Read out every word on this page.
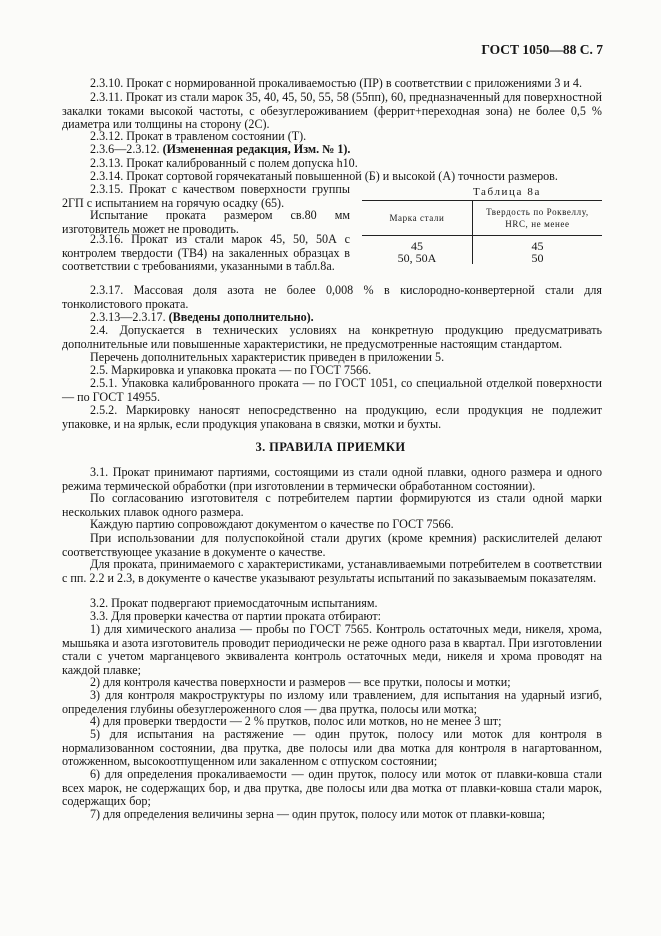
ГОСТ 1050—88 С. 7

2.3.10. Прокат с нормированной прокаливаемостью (ПР) в соответствии с приложениями 3 и 4.

2.3.11. Прокат из стали марок 35, 40, 45, 50, 55, 58 (55пп), 60, предназначенный для поверхностной закалки токами высокой частоты, с обезуглероживанием (феррит+переходная зона) не более 0,5 % диаметра или толщины на сторону (2С).

2.3.12. Прокат в травленом состоянии (Т).

2.3.6—2.3.12. (Измененная редакция, Изм. № 1).

2.3.13. Прокат калиброванный с полем допуска h10.

2.3.14. Прокат сортовой горячекатаный повышенной (Б) и высокой (А) точности размеров.

2.3.15. Прокат с качеством поверхности группы 2ГП с испытанием на горячую осадку (65).

Испытание проката размером св.80 мм изготовитель может не проводить.

2.3.16. Прокат из стали марок 45, 50, 50А с контролем твердости (ТВ4) на закаленных образцах в соответствии с требованиями, указанными в табл.8а.

Таблица 8а
Марка стали	Твердость по Роквеллу, HRC, не менее
45	45
50, 50А	50

2.3.17. Массовая доля азота не более 0,008 % в кислородно-конвертерной стали для тонколистового проката.

2.3.13—2.3.17. (Введены дополнительно).

2.4. Допускается в технических условиях на конкретную продукцию предусматривать дополнительные или повышенные характеристики, не предусмотренные настоящим стандартом.

Перечень дополнительных характеристик приведен в приложении 5.

2.5. Маркировка и упаковка проката — по ГОСТ 7566.

2.5.1. Упаковка калиброванного проката — по ГОСТ 1051, со специальной отделкой поверхности — по ГОСТ 14955.

2.5.2. Маркировку наносят непосредственно на продукцию, если продукция не подлежит упаковке, и на ярлык, если продукция упакована в связки, мотки и бухты.

3. ПРАВИЛА ПРИЕМКИ

3.1. Прокат принимают партиями, состоящими из стали одной плавки, одного размера и одного режима термической обработки (при изготовлении в термически обработанном состоянии).

По согласованию изготовителя с потребителем партии формируются из стали одной марки нескольких плавок одного размера.

Каждую партию сопровождают документом о качестве по ГОСТ 7566.

При использовании для полуспокойной стали других (кроме кремния) раскислителей делают соответствующее указание в документе о качестве.

Для проката, принимаемого с характеристиками, устанавливаемыми потребителем в соответствии с пп. 2.2 и 2.3, в документе о качестве указывают результаты испытаний по заказываемым показателям.

3.2. Прокат подвергают приемосдаточным испытаниям.

3.3. Для проверки качества от партии проката отбирают:

1) для химического анализа — пробы по ГОСТ 7565. Контроль остаточных меди, никеля, хрома, мышьяка и азота изготовитель проводит периодически не реже одного раза в квартал. При изготовлении стали с учетом марганцевого эквивалента контроль остаточных меди, никеля и хрома проводят на каждой плавке;

2) для контроля качества поверхности и размеров — все прутки, полосы и мотки;

3) для контроля макроструктуры по излому или травлением, для испытания на ударный изгиб, определения глубины обезуглероженного слоя — два прутка, полосы или мотка;

4) для проверки твердости — 2 % прутков, полос или мотков, но не менее 3 шт;

5) для испытания на растяжение — один пруток, полосу или моток для контроля в нормализованном состоянии, два прутка, две полосы или два мотка для контроля в нагартованном, отожженном, высокоотпущенном или закаленном с отпуском состоянии;

6) для определения прокаливаемости — один пруток, полосу или моток от плавки-ковша стали всех марок, не содержащих бор, и два прутка, две полосы или два мотка от плавки-ковша стали марок, содержащих бор;

7) для определения величины зерна — один пруток, полосу или моток от плавки-ковша;
